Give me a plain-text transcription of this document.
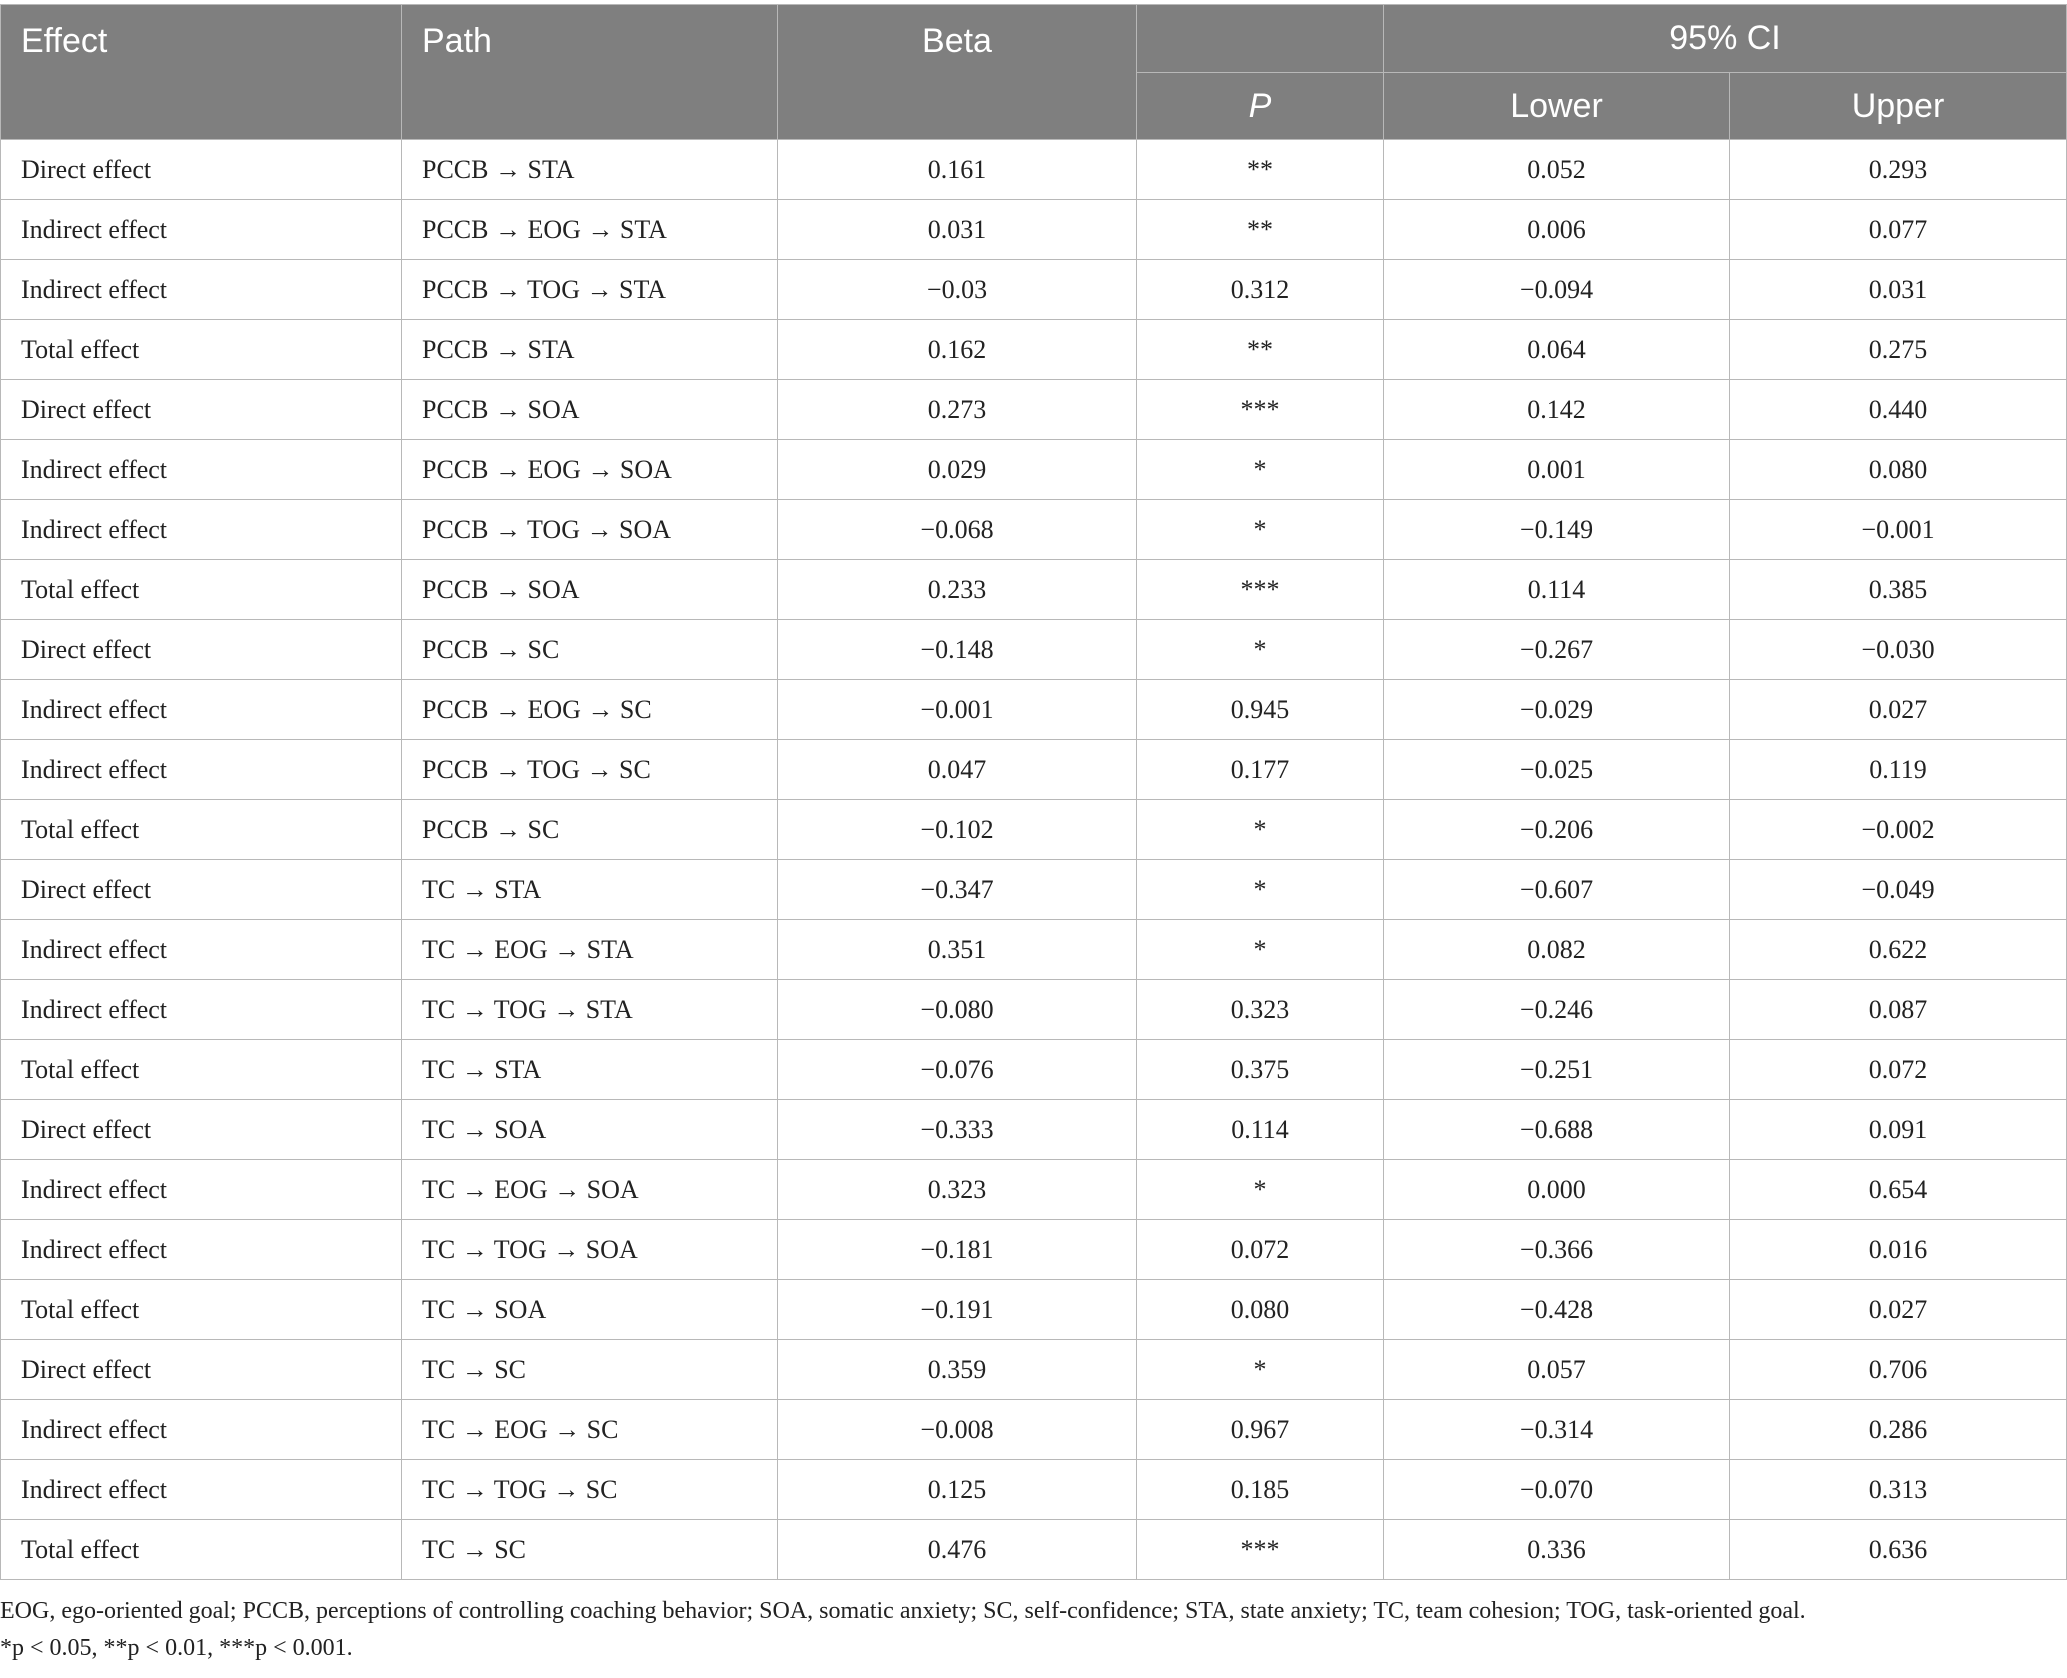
Effect	Path	Beta		95% CI	
			P	Lower	Upper
Direct effect	PCCB → STA	0.161	**	0.052	0.293
Indirect effect	PCCB → EOG → STA	0.031	**	0.006	0.077
Indirect effect	PCCB → TOG → STA	−0.03	0.312	−0.094	0.031
Total effect	PCCB → STA	0.162	**	0.064	0.275
Direct effect	PCCB → SOA	0.273	***	0.142	0.440
Indirect effect	PCCB → EOG → SOA	0.029	*	0.001	0.080
Indirect effect	PCCB → TOG → SOA	−0.068	*	−0.149	−0.001
Total effect	PCCB → SOA	0.233	***	0.114	0.385
Direct effect	PCCB → SC	−0.148	*	−0.267	−0.030
Indirect effect	PCCB → EOG → SC	−0.001	0.945	−0.029	0.027
Indirect effect	PCCB → TOG → SC	0.047	0.177	−0.025	0.119
Total effect	PCCB → SC	−0.102	*	−0.206	−0.002
Direct effect	TC → STA	−0.347	*	−0.607	−0.049
Indirect effect	TC → EOG → STA	0.351	*	0.082	0.622
Indirect effect	TC → TOG → STA	−0.080	0.323	−0.246	0.087
Total effect	TC → STA	−0.076	0.375	−0.251	0.072
Direct effect	TC → SOA	−0.333	0.114	−0.688	0.091
Indirect effect	TC → EOG → SOA	0.323	*	0.000	0.654
Indirect effect	TC → TOG → SOA	−0.181	0.072	−0.366	0.016
Total effect	TC → SOA	−0.191	0.080	−0.428	0.027
Direct effect	TC → SC	0.359	*	0.057	0.706
Indirect effect	TC → EOG → SC	−0.008	0.967	−0.314	0.286
Indirect effect	TC → TOG → SC	0.125	0.185	−0.070	0.313
Total effect	TC → SC	0.476	***	0.336	0.636
EOG, ego-oriented goal; PCCB, perceptions of controlling coaching behavior; SOA, somatic anxiety; SC, self-confidence; STA, state anxiety; TC, team cohesion; TOG, task-oriented goal.
*p < 0.05, **p < 0.01, ***p < 0.001.
